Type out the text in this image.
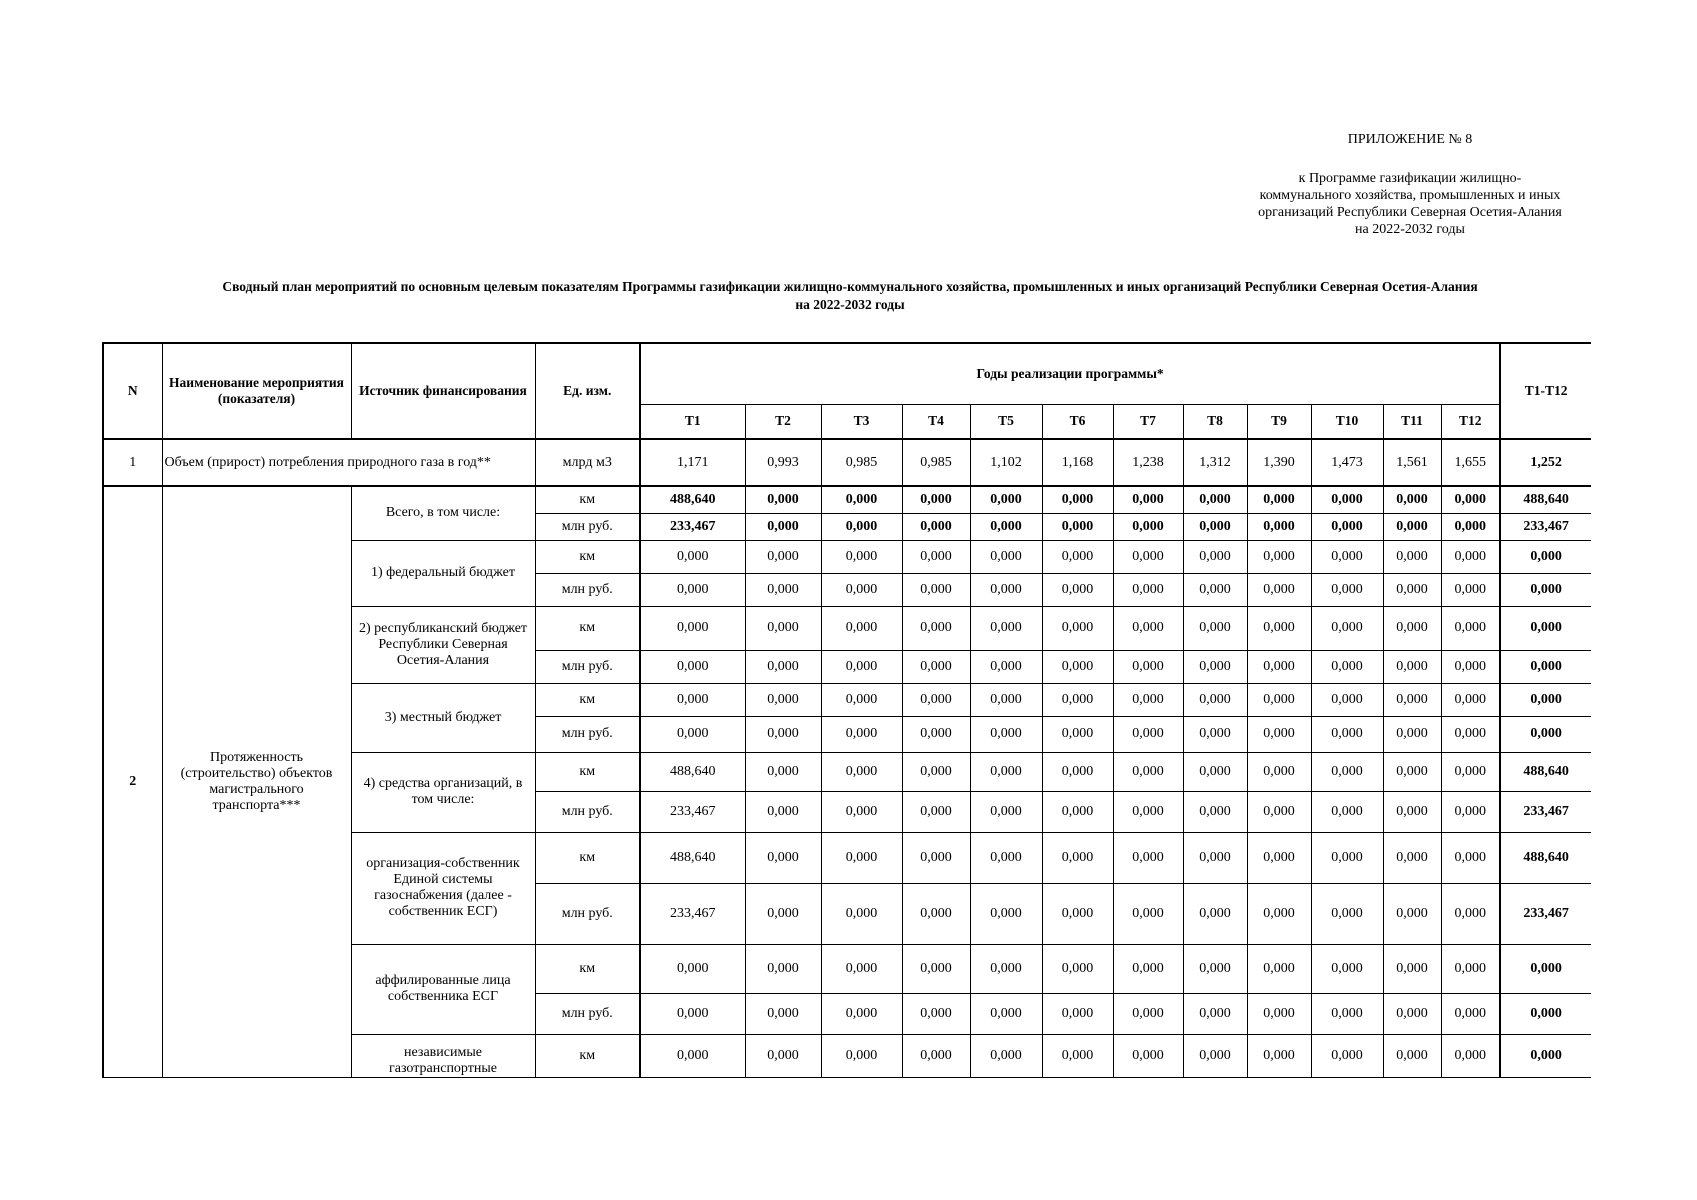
ПРИЛОЖЕНИЕ № 8
к Программе газификации жилищно-
коммунального хозяйства, промышленных и иных
организаций Республики Северная Осетия-Алания
на 2022-2032 годы
Сводный план мероприятий по основным целевым показателям Программы газификации жилищно-коммунального хозяйства, промышленных и иных организаций Республики Северная Осетия-Алания
на 2022-2032 годы
N	Наименование мероприятия (показателя)	Источник финансирования	Ед. изм.	Годы реализации программы*												Т1-Т12
				Т1	Т2	Т3	Т4	Т5	Т6	Т7	Т8	Т9	Т10	Т11	Т12	
1	Объем (прирост) потребления природного газа в год**		млрд м3	1,171	0,993	0,985	0,985	1,102	1,168	1,238	1,312	1,390	1,473	1,561	1,655	1,252
2	Протяженность (строительство) объектов магистрального транспорта***	Всего, в том числе:	км	488,640	0,000	0,000	0,000	0,000	0,000	0,000	0,000	0,000	0,000	0,000	0,000	488,640
			млн руб.	233,467	0,000	0,000	0,000	0,000	0,000	0,000	0,000	0,000	0,000	0,000	0,000	233,467
		1) федеральный бюджет	км	0,000	0,000	0,000	0,000	0,000	0,000	0,000	0,000	0,000	0,000	0,000	0,000	0,000
			млн руб.	0,000	0,000	0,000	0,000	0,000	0,000	0,000	0,000	0,000	0,000	0,000	0,000	0,000
		2) республиканский бюджет Республики Северная Осетия-Алания	км	0,000	0,000	0,000	0,000	0,000	0,000	0,000	0,000	0,000	0,000	0,000	0,000	0,000
			млн руб.	0,000	0,000	0,000	0,000	0,000	0,000	0,000	0,000	0,000	0,000	0,000	0,000	0,000
		3) местный бюджет	км	0,000	0,000	0,000	0,000	0,000	0,000	0,000	0,000	0,000	0,000	0,000	0,000	0,000
			млн руб.	0,000	0,000	0,000	0,000	0,000	0,000	0,000	0,000	0,000	0,000	0,000	0,000	0,000
		4) средства организаций, в том числе:	км	488,640	0,000	0,000	0,000	0,000	0,000	0,000	0,000	0,000	0,000	0,000	0,000	488,640
			млн руб.	233,467	0,000	0,000	0,000	0,000	0,000	0,000	0,000	0,000	0,000	0,000	0,000	233,467
		организация-собственник Единой системы газоснабжения (далее - собственник ЕСГ)	км	488,640	0,000	0,000	0,000	0,000	0,000	0,000	0,000	0,000	0,000	0,000	0,000	488,640
			млн руб.	233,467	0,000	0,000	0,000	0,000	0,000	0,000	0,000	0,000	0,000	0,000	0,000	233,467
		аффилированные лица собственника ЕСГ	км	0,000	0,000	0,000	0,000	0,000	0,000	0,000	0,000	0,000	0,000	0,000	0,000	0,000
			млн руб.	0,000	0,000	0,000	0,000	0,000	0,000	0,000	0,000	0,000	0,000	0,000	0,000	0,000
		независимые газотранспортные	км	0,000	0,000	0,000	0,000	0,000	0,000	0,000	0,000	0,000	0,000	0,000	0,000	0,000
